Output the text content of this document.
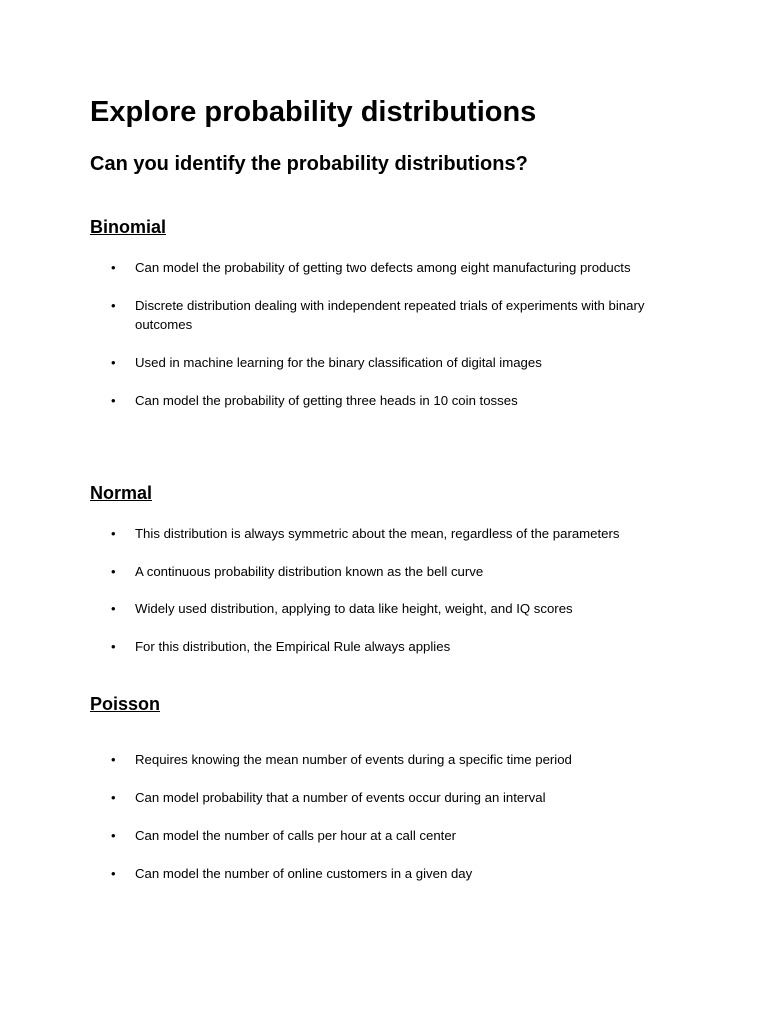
Explore probability distributions
Can you identify the probability distributions?
Binomial
• Can model the probability of getting two defects among eight manufacturing products
• Discrete distribution dealing with independent repeated trials of experiments with binary outcomes
• Used in machine learning for the binary classification of digital images
• Can model the probability of getting three heads in 10 coin tosses
Normal
• This distribution is always symmetric about the mean, regardless of the parameters
• A continuous probability distribution known as the bell curve
• Widely used distribution, applying to data like height, weight, and IQ scores
• For this distribution, the Empirical Rule always applies
Poisson
• Requires knowing the mean number of events during a specific time period
• Can model probability that a number of events occur during an interval
• Can model the number of calls per hour at a call center
• Can model the number of online customers in a given day
